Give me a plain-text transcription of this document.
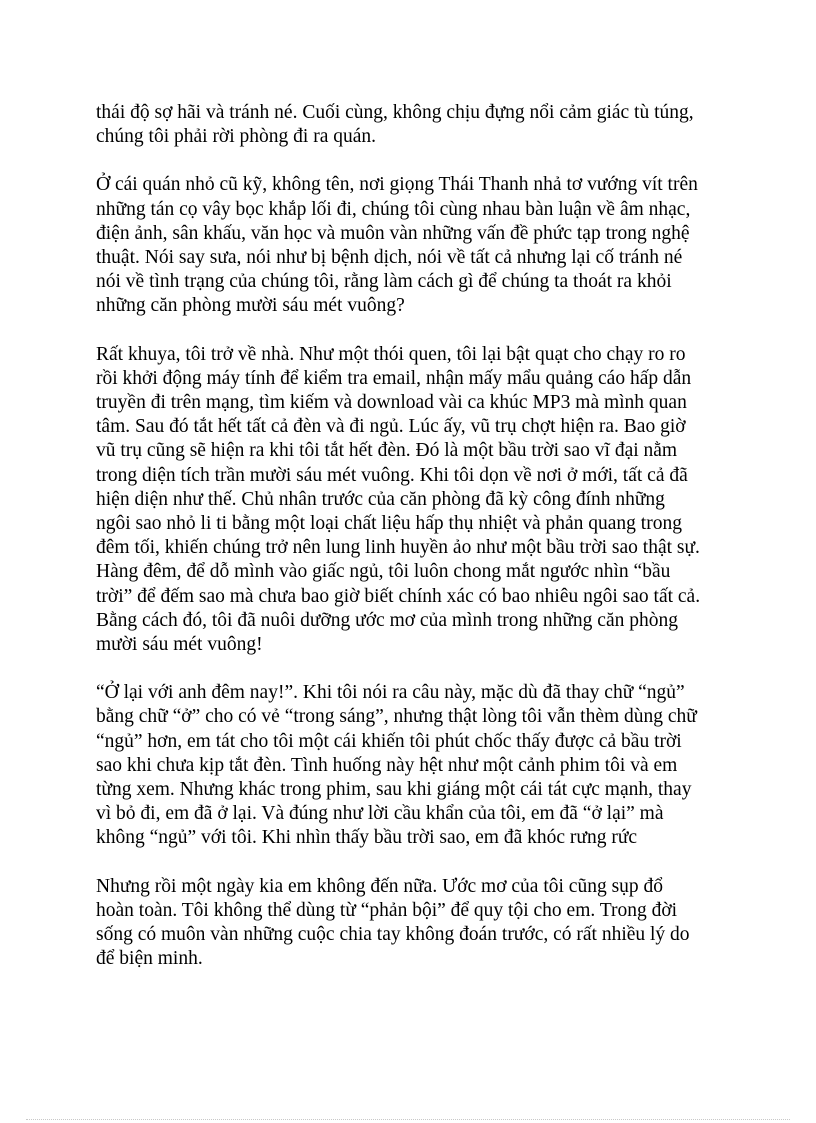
thái độ sợ hãi và tránh né. Cuối cùng, không chịu đựng nổi cảm giác tù túng,
chúng tôi phải rời phòng đi ra quán.

Ở cái quán nhỏ cũ kỹ, không tên, nơi giọng Thái Thanh nhả tơ vướng vít trên
những tán cọ vây bọc khắp lối đi, chúng tôi cùng nhau bàn luận về âm nhạc,
điện ảnh, sân khấu, văn học và muôn vàn những vấn đề phức tạp trong nghệ
thuật. Nói say sưa, nói như bị bệnh dịch, nói về tất cả nhưng lại cố tránh né
nói về tình trạng của chúng tôi, rằng làm cách gì để chúng ta thoát ra khỏi
những căn phòng mười sáu mét vuông?

Rất khuya, tôi trở về nhà. Như một thói quen, tôi lại bật quạt cho chạy ro ro
rồi khởi động máy tính để kiểm tra email, nhận mấy mẩu quảng cáo hấp dẫn
truyền đi trên mạng, tìm kiếm và download vài ca khúc MP3 mà mình quan
tâm. Sau đó tắt hết tất cả đèn và đi ngủ. Lúc ấy, vũ trụ chợt hiện ra. Bao giờ
vũ trụ cũng sẽ hiện ra khi tôi tắt hết đèn. Đó là một bầu trời sao vĩ đại nằm
trong diện tích trần mười sáu mét vuông. Khi tôi dọn về nơi ở mới, tất cả đã
hiện diện như thế. Chủ nhân trước của căn phòng đã kỳ công đính những
ngôi sao nhỏ li ti bằng một loại chất liệu hấp thụ nhiệt và phản quang trong
đêm tối, khiến chúng trở nên lung linh huyền ảo như một bầu trời sao thật sự.
Hàng đêm, để dỗ mình vào giấc ngủ, tôi luôn chong mắt ngước nhìn “bầu
trời” để đếm sao mà chưa bao giờ biết chính xác có bao nhiêu ngôi sao tất cả.
Bằng cách đó, tôi đã nuôi dưỡng ước mơ của mình trong những căn phòng
mười sáu mét vuông!

“Ở lại với anh đêm nay!”. Khi tôi nói ra câu này, mặc dù đã thay chữ “ngủ”
bằng chữ “ở” cho có vẻ “trong sáng”, nhưng thật lòng tôi vẫn thèm dùng chữ
“ngủ” hơn, em tát cho tôi một cái khiến tôi phút chốc thấy được cả bầu trời
sao khi chưa kịp tắt đèn. Tình huống này hệt như một cảnh phim tôi và em
từng xem. Nhưng khác trong phim, sau khi giáng một cái tát cực mạnh, thay
vì bỏ đi, em đã ở lại. Và đúng như lời cầu khẩn của tôi, em đã “ở lại” mà
không “ngủ” với tôi. Khi nhìn thấy bầu trời sao, em đã khóc rưng rức

Nhưng rồi một ngày kia em không đến nữa. Ước mơ của tôi cũng sụp đổ
hoàn toàn. Tôi không thể dùng từ “phản bội” để quy tội cho em. Trong đời
sống có muôn vàn những cuộc chia tay không đoán trước, có rất nhiều lý do
để biện minh.
